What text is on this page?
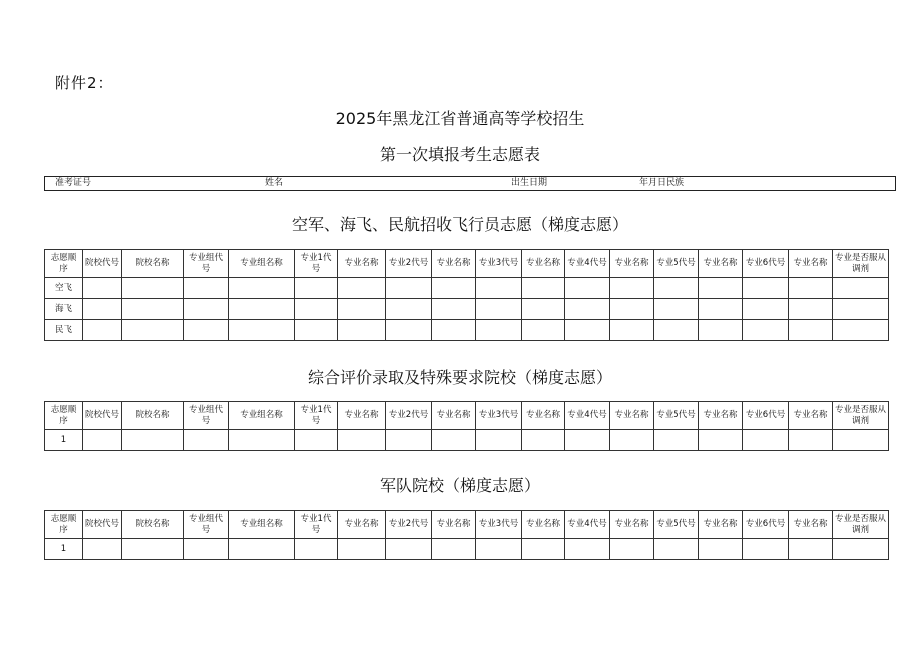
附件2：
2025年黑龙江省普通高等学校招生
第一次填报考生志愿表
准考证号	姓名	出生日期	年月日民族
空军、海飞、民航招收飞行员志愿（梯度志愿）
志愿顺序	院校代号	院校名称	专业组代号	专业组名称	专业1代号	专业名称	专业2代号	专业名称	专业3代号	专业名称	专业4代号	专业名称	专业5代号	专业名称	专业6代号	专业名称	专业是否服从调剂
空飞																	
海飞																	
民飞																	
综合评价录取及特殊要求院校（梯度志愿）
志愿顺序	院校代号	院校名称	专业组代号	专业组名称	专业1代号	专业名称	专业2代号	专业名称	专业3代号	专业名称	专业4代号	专业名称	专业5代号	专业名称	专业6代号	专业名称	专业是否服从调剂
1																	
军队院校（梯度志愿）
志愿顺序	院校代号	院校名称	专业组代号	专业组名称	专业1代号	专业名称	专业2代号	专业名称	专业3代号	专业名称	专业4代号	专业名称	专业5代号	专业名称	专业6代号	专业名称	专业是否服从调剂
1																	
